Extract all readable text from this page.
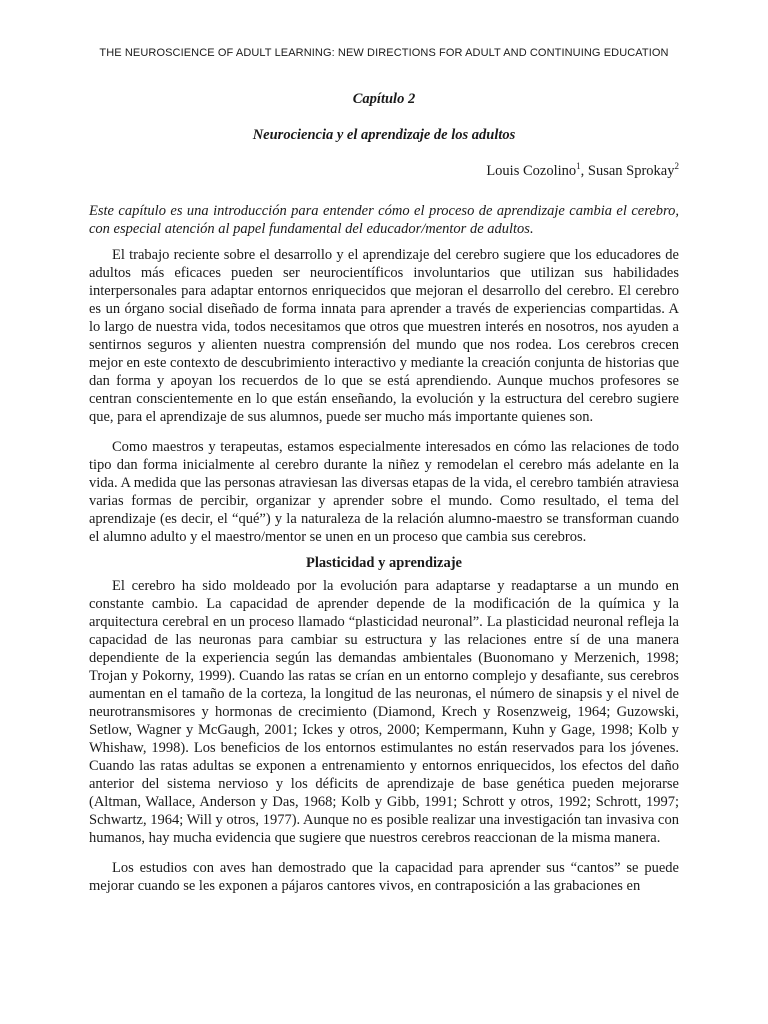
THE NEUROSCIENCE OF ADULT LEARNING: NEW DIRECTIONS FOR ADULT AND CONTINUING EDUCATION

Capítulo 2

Neurociencia y el aprendizaje de los adultos

Louis Cozolino$^1$, Susan Sprokay$^2$

Este capítulo es una introducción para entender cómo el proceso de aprendizaje cambia el cerebro, con especial atención al papel fundamental del educador/mentor de adultos.

El trabajo reciente sobre el desarrollo y el aprendizaje del cerebro sugiere que los educadores de adultos más eficaces pueden ser neurocientíficos involuntarios que utilizan sus habilidades interpersonales para adaptar entornos enriquecidos que mejoran el desarrollo del cerebro. El cerebro es un órgano social diseñado de forma innata para aprender a través de experiencias compartidas. A lo largo de nuestra vida, todos necesitamos que otros que muestren interés en nosotros, nos ayuden a sentirnos seguros y alienten nuestra comprensión del mundo que nos rodea. Los cerebros crecen mejor en este contexto de descubrimiento interactivo y mediante la creación conjunta de historias que dan forma y apoyan los recuerdos de lo que se está aprendiendo. Aunque muchos profesores se centran conscientemente en lo que están enseñando, la evolución y la estructura del cerebro sugiere que, para el aprendizaje de sus alumnos, puede ser mucho más importante quienes son.

Como maestros y terapeutas, estamos especialmente interesados en cómo las relaciones de todo tipo dan forma inicialmente al cerebro durante la niñez y remodelan el cerebro más adelante en la vida. A medida que las personas atraviesan las diversas etapas de la vida, el cerebro también atraviesa varias formas de percibir, organizar y aprender sobre el mundo. Como resultado, el tema del aprendizaje (es decir, el “qué”) y la naturaleza de la relación alumno-maestro se transforman cuando el alumno adulto y el maestro/mentor se unen en un proceso que cambia sus cerebros.

Plasticidad y aprendizaje

El cerebro ha sido moldeado por la evolución para adaptarse y readaptarse a un mundo en constante cambio. La capacidad de aprender depende de la modificación de la química y la arquitectura cerebral en un proceso llamado “plasticidad neuronal”. La plasticidad neuronal refleja la capacidad de las neuronas para cambiar su estructura y las relaciones entre sí de una manera dependiente de la experiencia según las demandas ambientales (Buonomano y Merzenich, 1998; Trojan y Pokorny, 1999). Cuando las ratas se crían en un entorno complejo y desafiante, sus cerebros aumentan en el tamaño de la corteza, la longitud de las neuronas, el número de sinapsis y el nivel de neurotransmisores y hormonas de crecimiento (Diamond, Krech y Rosenzweig, 1964; Guzowski, Setlow, Wagner y McGaugh, 2001; Ickes y otros, 2000; Kempermann, Kuhn y Gage, 1998; Kolb y Whishaw, 1998). Los beneficios de los entornos estimulantes no están reservados para los jóvenes. Cuando las ratas adultas se exponen a entrenamiento y entornos enriquecidos, los efectos del daño anterior del sistema nervioso y los déficits de aprendizaje de base genética pueden mejorarse (Altman, Wallace, Anderson y Das, 1968; Kolb y Gibb, 1991; Schrott y otros, 1992; Schrott, 1997; Schwartz, 1964; Will y otros, 1977). Aunque no es posible realizar una investigación tan invasiva con humanos, hay mucha evidencia que sugiere que nuestros cerebros reaccionan de la misma manera.

Los estudios con aves han demostrado que la capacidad para aprender sus “cantos” se puede mejorar cuando se les exponen a pájaros cantores vivos, en contraposición a las grabaciones en
